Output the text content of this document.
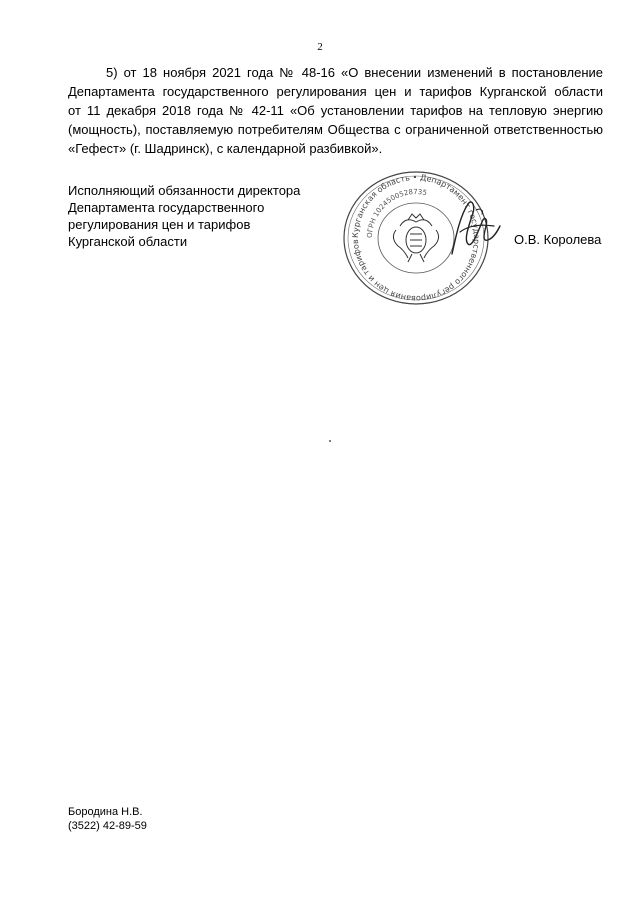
2
5) от 18 ноября 2021 года № 48-16 «О внесении изменений в постановление
Департамента государственного регулирования цен и тарифов Курганской области
от 11 декабря 2018 года № 42-11 «Об установлении тарифов на тепловую энергию
(мощность), поставляемую потребителям Общества с ограниченной ответственностью
«Гефест» (г. Шадринск), с календарной разбивкой».
Исполняющий обязанности директора
Департамента государственного
регулирования цен и тарифов
Курганской области	Курганская область • Департамент государственного регулирования цен и тарифов
ОГРН 1024500528735
О.В. Королева
Бородина Н.В.
(3522) 42-89-59
